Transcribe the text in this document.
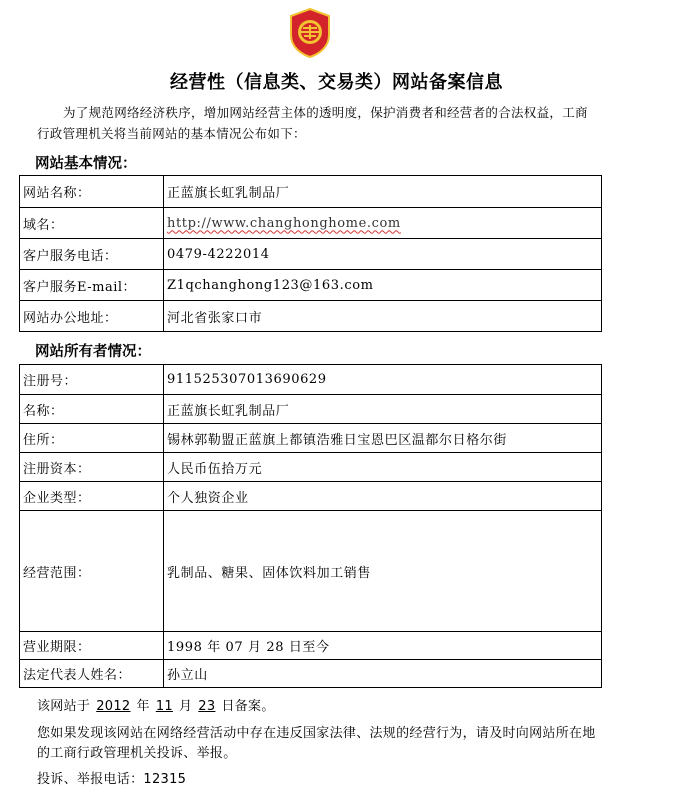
经营性（信息类、交易类）网站备案信息
为了规范网络经济秩序，增加网站经营主体的透明度，保护消费者和经营者的合法权益，工商行政管理机关将当前网站的基本情况公布如下：
网站基本情况：
网站名称：	正蓝旗长虹乳制品厂
域名：	http://www.changhonghome.com
客户服务电话：	0479-4222014
客户服务E-mail：	Z1qchanghong123@163.com
网站办公地址：	河北省张家口市
网站所有者情况：
注册号：	911525307013690629
名称：	正蓝旗长虹乳制品厂
住所：	锡林郭勒盟正蓝旗上都镇浩雅日宝恩巴区温都尔日格尔街
注册资本：	人民币伍拾万元
企业类型：	个人独资企业
经营范围：	乳制品、糖果、固体饮料加工销售
营业期限：	1998 年 07 月 28 日至今
法定代表人姓名：	孙立山
该网站于 2012 年 11 月 23 日备案。
您如果发现该网站在网络经营活动中存在违反国家法律、法规的经营行为，请及时向网站所在地的工商行政管理机关投诉、举报。
投诉、举报电话：12315
